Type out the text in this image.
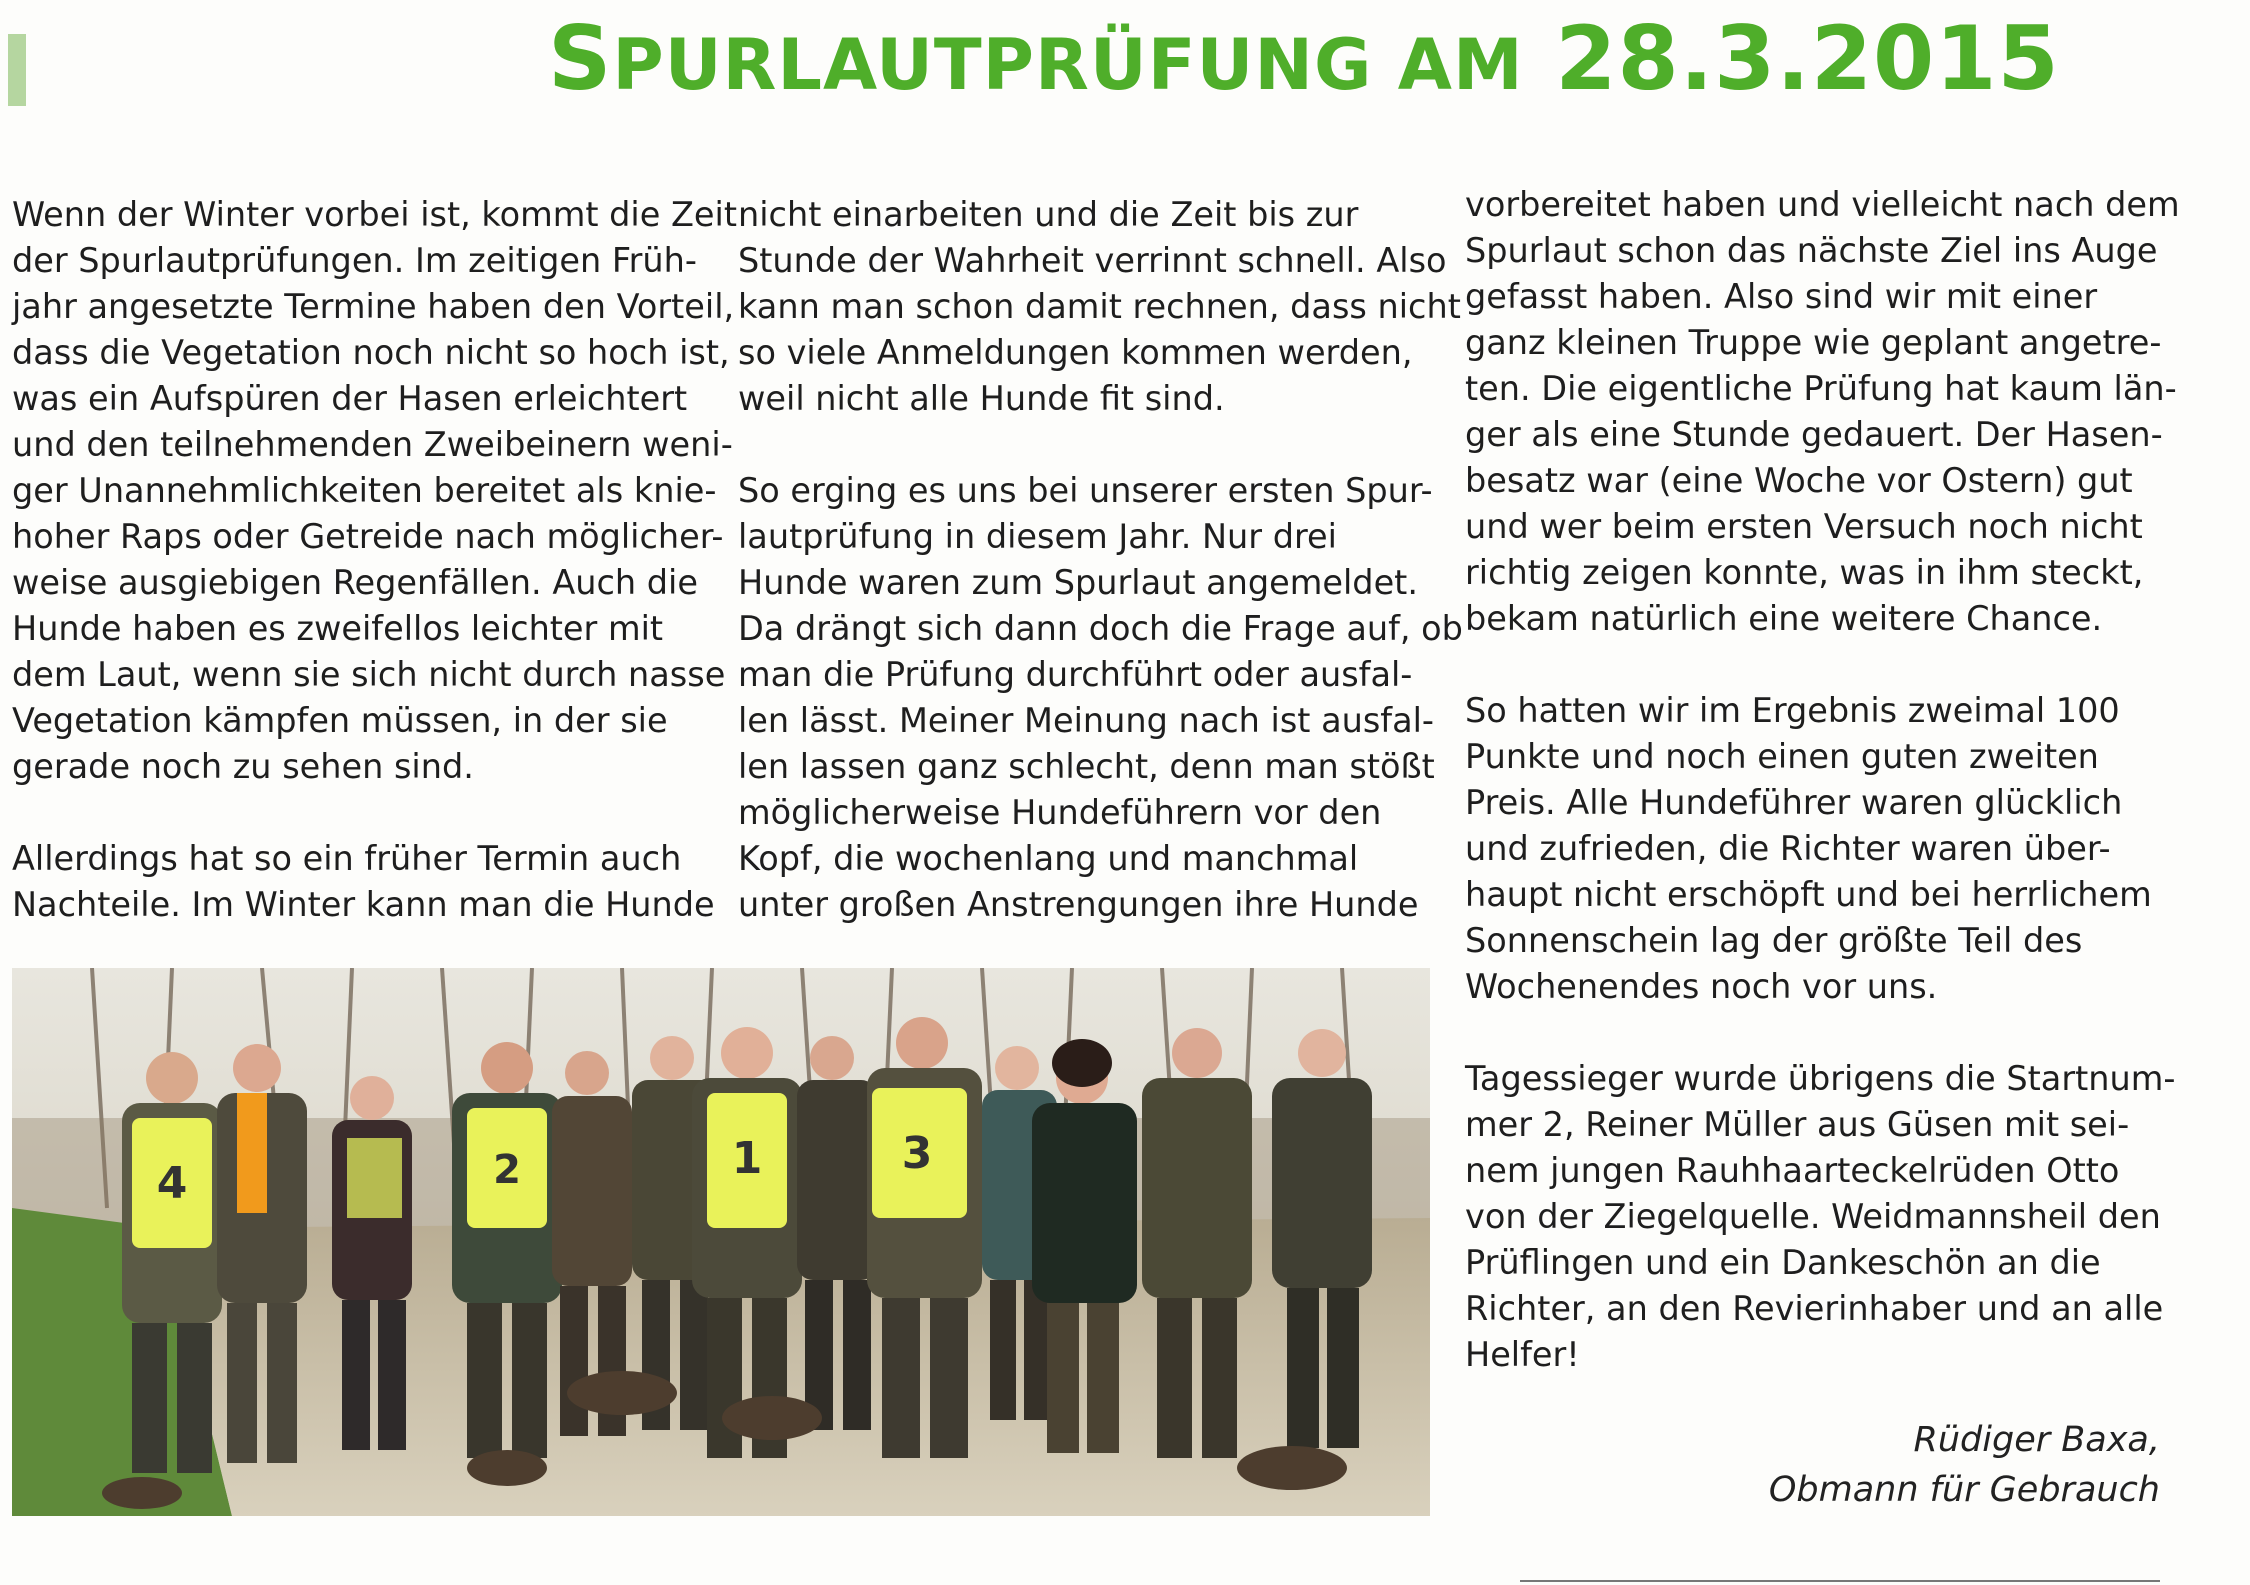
SPURLAUTPRÜFUNG AM 28.3.2015

Wenn der Winter vorbei ist, kommt die Zeit
der Spurlautprüfungen. Im zeitigen Früh-
jahr angesetzte Termine haben den Vorteil,
dass die Vegetation noch nicht so hoch ist,
was ein Aufspüren der Hasen erleichtert
und den teilnehmenden Zweibeinern weni-
ger Unannehmlichkeiten bereitet als knie-
hoher Raps oder Getreide nach möglicher-
weise ausgiebigen Regenfällen. Auch die
Hunde haben es zweifellos leichter mit
dem Laut, wenn sie sich nicht durch nasse
Vegetation kämpfen müssen, in der sie
gerade noch zu sehen sind.

Allerdings hat so ein früher Termin auch
Nachteile. Im Winter kann man die Hunde

nicht einarbeiten und die Zeit bis zur
Stunde der Wahrheit verrinnt schnell. Also
kann man schon damit rechnen, dass nicht
so viele Anmeldungen kommen werden,
weil nicht alle Hunde fit sind.

So erging es uns bei unserer ersten Spur-
lautprüfung in diesem Jahr. Nur drei
Hunde waren zum Spurlaut angemeldet.
Da drängt sich dann doch die Frage auf, ob
man die Prüfung durchführt oder ausfal-
len lässt. Meiner Meinung nach ist ausfal-
len lassen ganz schlecht, denn man stößt
möglicherweise Hundeführern vor den
Kopf, die wochenlang und manchmal
unter großen Anstrengungen ihre Hunde

vorbereitet haben und vielleicht nach dem
Spurlaut schon das nächste Ziel ins Auge
gefasst haben. Also sind wir mit einer
ganz kleinen Truppe wie geplant angetre-
ten. Die eigentliche Prüfung hat kaum län-
ger als eine Stunde gedauert. Der Hasen-
besatz war (eine Woche vor Ostern) gut
und wer beim ersten Versuch noch nicht
richtig zeigen konnte, was in ihm steckt,
bekam natürlich eine weitere Chance.

So hatten wir im Ergebnis zweimal 100
Punkte und noch einen guten zweiten
Preis. Alle Hundeführer waren glücklich
und zufrieden, die Richter waren über-
haupt nicht erschöpft und bei herrlichem
Sonnenschein lag der größte Teil des
Wochenendes noch vor uns.

Tagessieger wurde übrigens die Startnum-
mer 2, Reiner Müller aus Güsen mit sei-
nem jungen Rauhhaarteckelrüden Otto
von der Ziegelquelle. Weidmannsheil den
Prüflingen und ein Dankeschön an die
Richter, an den Revierinhaber und an alle
Helfer!

4	2	1	3
Rüdiger Baxa,
Obmann für Gebrauch
